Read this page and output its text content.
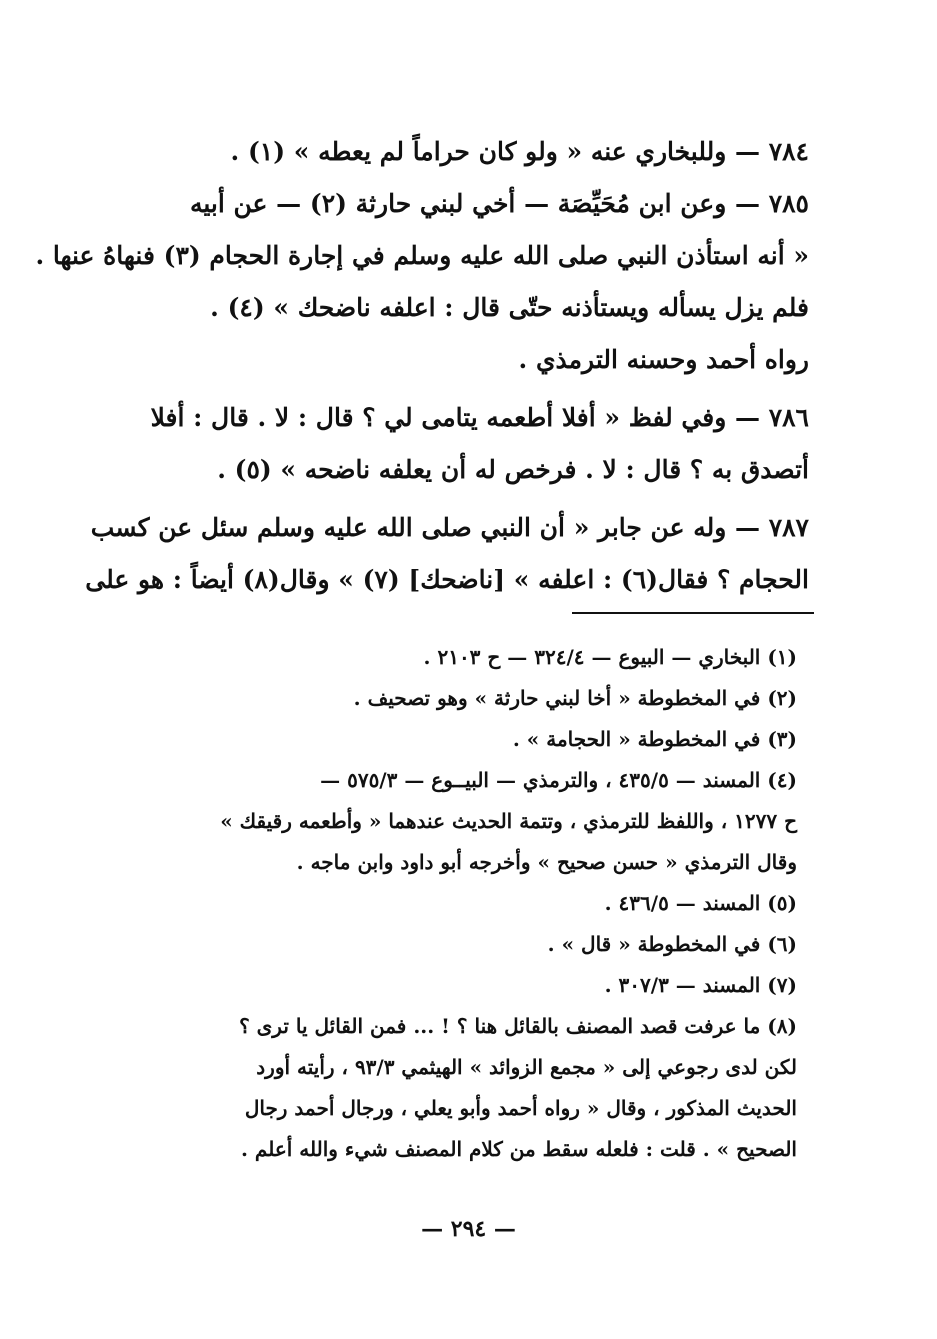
٧٨٤ — وللبخاري عنه « ولو كان حراماً لم يعطه » (١) .
٧٨٥ — وعن ابن مُحَيِّصَة — أخي لبني حارثة (٢) — عن أبيه
« أنه استأذن النبي صلى الله عليه وسلم في إجارة الحجام (٣) فنهاهُ عنها .
فلم يزل يسأله ويستأذنه حتّى قال : اعلفه ناضحك » (٤) .
رواه أحمد وحسنه الترمذي .
٧٨٦ — وفي لفظ « أفلا أطعمه يتامى لي ؟ قال : لا . قال : أفلا
أتصدق به ؟ قال : لا . فرخص له أن يعلفه ناضحه » (٥) .
٧٨٧ — وله عن جابر « أن النبي صلى الله عليه وسلم سئل عن كسب
الحجام ؟ فقال(٦) : اعلفه » [ناضحك] (٧) » وقال(٨) أيضاً : هو على
(١) البخاري — البيوع — ٣٢٤/٤ — ح ٢١٠٣ .
(٢) في المخطوطة « أخا لبني حارثة » وهو تصحيف .
(٣) في المخطوطة « الحجامة » .
(٤) المسند — ٤٣٥/٥ ، والترمذي — البيــوع — ٥٧٥/٣ —
ح ١٢٧٧ ، واللفظ للترمذي ، وتتمة الحديث عندهما « وأطعمه رقيقك »
وقال الترمذي « حسن صحيح » وأخرجه أبو داود وابن ماجه .
(٥) المسند — ٤٣٦/٥ .
(٦) في المخطوطة « قال » .
(٧) المسند — ٣٠٧/٣ .
(٨) ما عرفت قصد المصنف بالقائل هنا ؟ ! ... فمن القائل يا ترى ؟
لكن لدى رجوعي إلى « مجمع الزوائد » الهيثمي ٩٣/٣ ، رأيته أورد
الحديث المذكور ، وقال « رواه أحمد وأبو يعلي ، ورجال أحمد رجال
الصحيح » . قلت : فلعله سقط من كلام المصنف شيء والله أعلم .
— ٢٩٤ —
